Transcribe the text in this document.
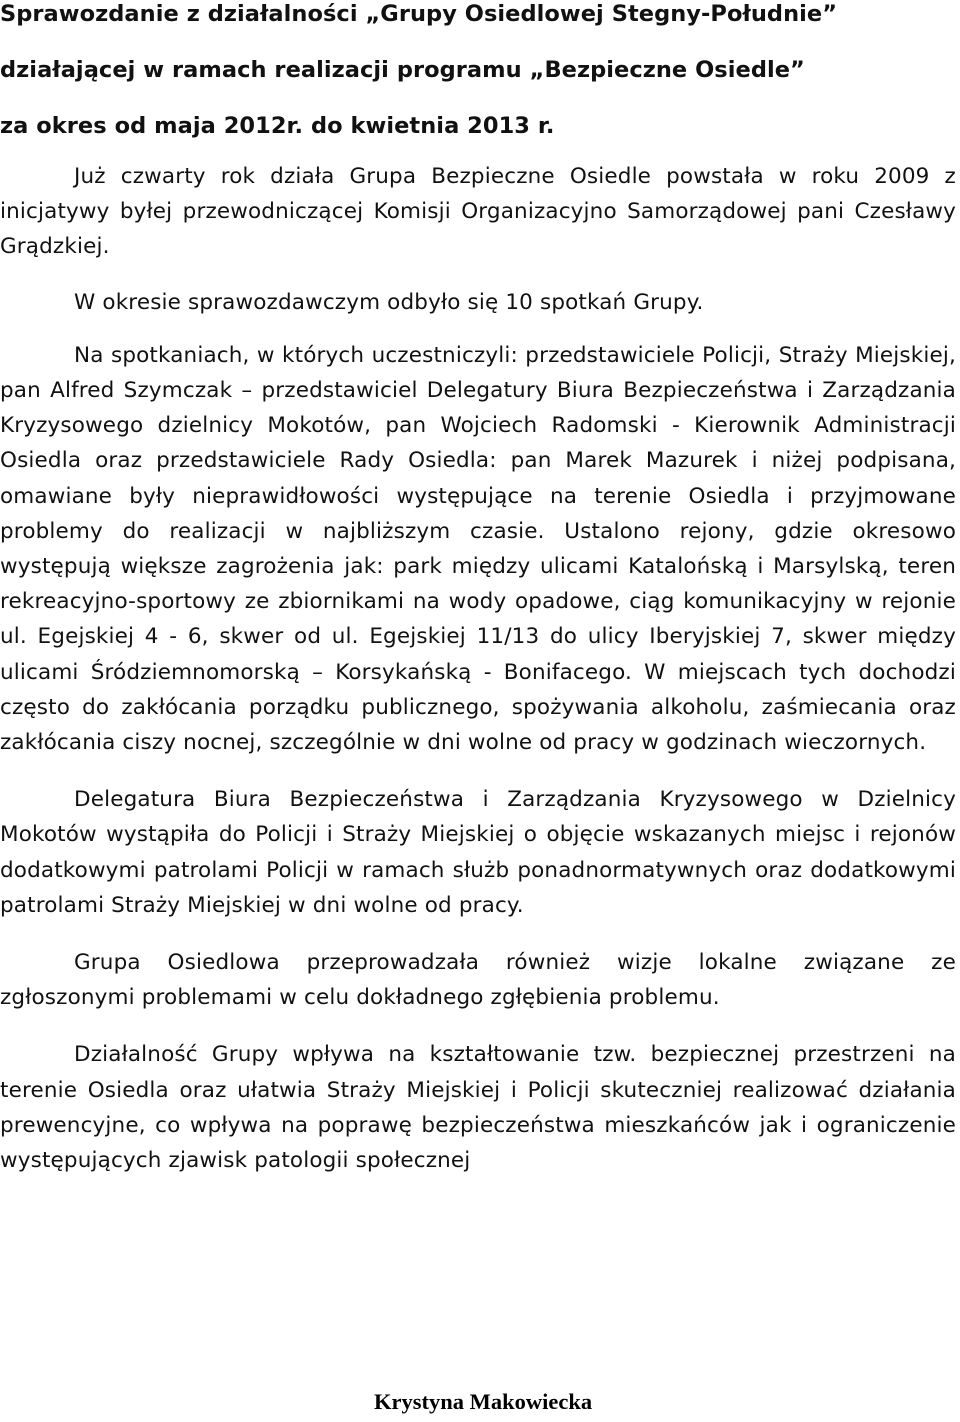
Sprawozdanie z działalności „Grupy Osiedlowej Stegny-Południe”

działającej w ramach realizacji programu „Bezpieczne Osiedle”

za okres od maja 2012r. do kwietnia 2013 r.

Już czwarty rok działa Grupa Bezpieczne Osiedle powstała w roku 2009 z inicjatywy byłej przewodniczącej Komisji Organizacyjno Samorządowej pani Czesławy Grądzkiej.

W okresie sprawozdawczym odbyło się 10 spotkań Grupy.

Na spotkaniach, w których uczestniczyli: przedstawiciele Policji, Straży Miejskiej, pan Alfred Szymczak – przedstawiciel Delegatury Biura Bezpieczeństwa i Zarządzania Kryzysowego dzielnicy Mokotów, pan Wojciech Radomski - Kierownik Administracji Osiedla oraz przedstawiciele Rady Osiedla: pan Marek Mazurek i niżej podpisana, omawiane były nieprawidłowości występujące na terenie Osiedla i przyjmowane problemy do realizacji w najbliższym czasie. Ustalono rejony, gdzie okresowo występują większe zagrożenia jak: park między ulicami Katalońską i Marsylską, teren rekreacyjno-sportowy ze zbiornikami na wody opadowe, ciąg komunikacyjny w rejonie ul. Egejskiej 4 - 6, skwer od ul. Egejskiej 11/13 do ulicy Iberyjskiej 7, skwer między ulicami Śródziemnomorską – Korsykańską - Bonifacego. W miejscach tych dochodzi często do zakłócania porządku publicznego, spożywania alkoholu, zaśmiecania oraz zakłócania ciszy nocnej, szczególnie w dni wolne od pracy w godzinach wieczornych.

Delegatura Biura Bezpieczeństwa i Zarządzania Kryzysowego w Dzielnicy Mokotów wystąpiła do Policji i Straży Miejskiej o objęcie wskazanych miejsc i rejonów dodatkowymi patrolami Policji w ramach służb ponadnormatywnych oraz dodatkowymi patrolami Straży Miejskiej w dni wolne od pracy.

Grupa Osiedlowa przeprowadzała również wizje lokalne związane ze zgłoszonymi problemami w celu dokładnego zgłębienia problemu.

Działalność Grupy wpływa na kształtowanie tzw. bezpiecznej przestrzeni na terenie Osiedla oraz ułatwia Straży Miejskiej i Policji skuteczniej realizować działania prewencyjne, co wpływa na poprawę bezpieczeństwa mieszkańców jak i ograniczenie występujących zjawisk patologii społecznej

Krystyna Makowiecka
